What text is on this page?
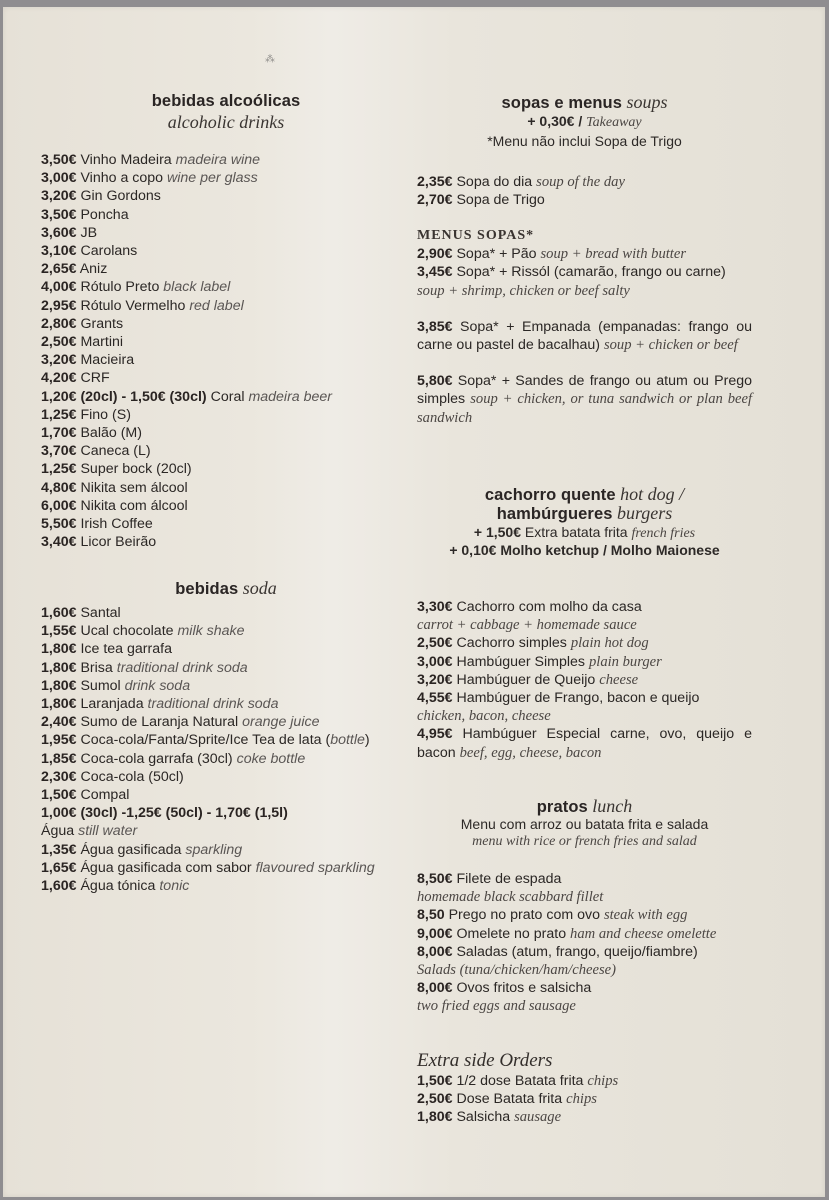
⁂
bebidas alcoólicas
alcoholic drinks
3,50€ Vinho Madeira madeira wine
3,00€ Vinho a copo wine per glass
3,20€ Gin Gordons
3,50€ Poncha
3,60€ JB
3,10€ Carolans
2,65€ Aniz
4,00€ Rótulo Preto black label
2,95€ Rótulo Vermelho red label
2,80€ Grants
2,50€ Martini
3,20€ Macieira
4,20€ CRF
1,20€ (20cl) - 1,50€ (30cl) Coral madeira beer
1,25€ Fino (S)
1,70€ Balão (M)
3,70€ Caneca (L)
1,25€ Super bock (20cl)
4,80€ Nikita sem álcool
6,00€ Nikita com álcool
5,50€ Irish Coffee
3,40€ Licor Beirão
bebidas soda
1,60€ Santal
1,55€ Ucal chocolate milk shake
1,80€ Ice tea garrafa
1,80€ Brisa traditional drink soda
1,80€ Sumol drink soda
1,80€ Laranjada traditional drink soda
2,40€ Sumo de Laranja Natural orange juice
1,95€ Coca-cola/Fanta/Sprite/Ice Tea de lata (bottle)
1,85€ Coca-cola garrafa (30cl) coke bottle
2,30€ Coca-cola (50cl)
1,50€ Compal
1,00€ (30cl) -1,25€ (50cl) - 1,70€ (1,5l)
Água still water
1,35€ Água gasificada sparkling
1,65€ Água gasificada com sabor flavoured sparkling
1,60€ Água tónica tonic
sopas e menus soups
+ 0,30€ / Takeaway
*Menu não inclui Sopa de Trigo
2,35€ Sopa do dia soup of the day
2,70€ Sopa de Trigo
MENUS SOPAS*
2,90€ Sopa* + Pão soup + bread with butter
3,45€ Sopa* + Rissól (camarão, frango ou carne)
soup + shrimp, chicken or beef salty
3,85€ Sopa* + Empanada (empanadas: frango ou carne ou pastel de bacalhau) soup + chicken or beef
5,80€ Sopa* + Sandes de frango ou atum ou Prego simples soup + chicken, or tuna sandwich or plan beef sandwich
cachorro quente hot dog /
hambúrgueres burgers
+ 1,50€ Extra batata frita french fries
+ 0,10€ Molho ketchup / Molho Maionese
3,30€ Cachorro com molho da casa
carrot + cabbage + homemade sauce
2,50€ Cachorro simples plain hot dog
3,00€ Hambúguer Simples plain burger
3,20€ Hambúguer de Queijo cheese
4,55€ Hambúguer de Frango, bacon e queijo
chicken, bacon, cheese
4,95€ Hambúguer Especial carne, ovo, queijo e bacon beef, egg, cheese, bacon
pratos lunch
Menu com arroz ou batata frita e salada
menu with rice or french fries and salad
8,50€ Filete de espada
homemade black scabbard fillet
8,50 Prego no prato com ovo steak with egg
9,00€ Omelete no prato ham and cheese omelette
8,00€ Saladas (atum, frango, queijo/fiambre)
Salads (tuna/chicken/ham/cheese)
8,00€ Ovos fritos e salsicha
two fried eggs and sausage
Extra side Orders
1,50€ 1/2 dose Batata frita chips
2,50€ Dose Batata frita chips
1,80€ Salsicha sausage
